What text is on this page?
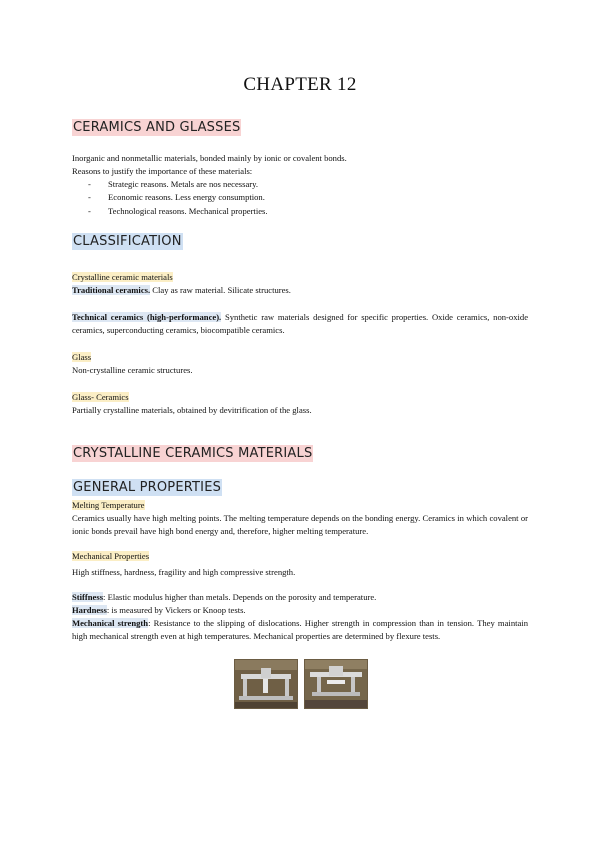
CHAPTER 12
CERAMICS AND GLASSES
Inorganic and nonmetallic materials, bonded mainly by ionic or covalent bonds.
Reasons to justify the importance of these materials:
- Strategic reasons. Metals are nos necessary.
- Economic reasons. Less energy consumption.
- Technological reasons. Mechanical properties.
CLASSIFICATION
Crystalline ceramic materials
Traditional ceramics. Clay as raw material. Silicate structures.
Technical ceramics (high-performance). Synthetic raw materials designed for specific properties. Oxide ceramics, non-oxide ceramics, superconducting ceramics, biocompatible ceramics.
Glass
Non-crystalline ceramic structures.
Glass- Ceramics
Partially crystalline materials, obtained by devitrification of the glass.
CRYSTALLINE CERAMICS MATERIALS
GENERAL PROPERTIES
Melting Temperature
Ceramics usually have high melting points. The melting temperature depends on the bonding energy. Ceramics in which covalent or ionic bonds prevail have high bond energy and, therefore, higher melting temperature.
Mechanical Properties
High stiffness, hardness, fragility and high compressive strength.
Stiffness: Elastic modulus higher than metals. Depends on the porosity and temperature.
Hardness: is measured by Vickers or Knoop tests.
Mechanical strength: Resistance to the slipping of dislocations. Higher strength in compression than in tension. They maintain high mechanical strength even at high temperatures. Mechanical properties are determined by flexure tests.
